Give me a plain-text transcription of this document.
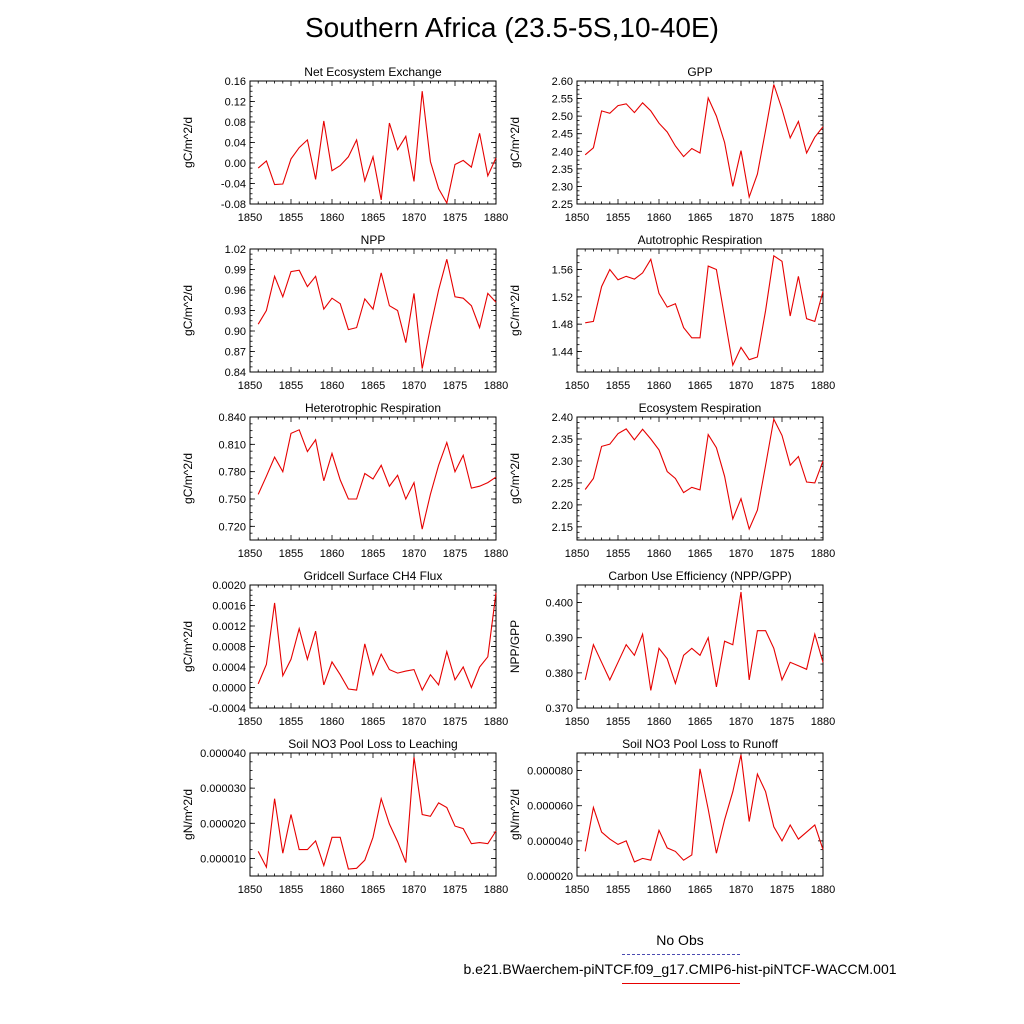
Southern Africa (23.5-5S,10-40E)
Net Ecosystem Exchange
gC/m^2/d
1850 1855 1860 1865 1870 1875 1880
-0.08
-0.04
0.00
0.04
0.08
0.12
0.16
GPP
gC/m^2/d
1850 1855 1860 1865 1870 1875 1880
2.25
2.30
2.35
2.40
2.45
2.50
2.55
2.60
NPP
gC/m^2/d
1850 1855 1860 1865 1870 1875 1880
0.84
0.87
0.90
0.93
0.96
0.99
1.02
Autotrophic Respiration
gC/m^2/d
1850 1855 1860 1865 1870 1875 1880
1.44
1.48
1.52
1.56
Heterotrophic Respiration
gC/m^2/d
1850 1855 1860 1865 1870 1875 1880
0.720
0.750
0.780
0.810
0.840
Ecosystem Respiration
gC/m^2/d
1850 1855 1860 1865 1870 1875 1880
2.15
2.20
2.25
2.30
2.35
2.40
Gridcell Surface CH4 Flux
gC/m^2/d
1850 1855 1860 1865 1870 1875 1880
-0.0004
0.0000
0.0004
0.0008
0.0012
0.0016
0.0020
Carbon Use Efficiency (NPP/GPP)
NPP/GPP
1850 1855 1860 1865 1870 1875 1880
0.370
0.380
0.390
0.400
Soil NO3 Pool Loss to Leaching
gN/m^2/d
1850 1855 1860 1865 1870 1875 1880
0.000010
0.000020
0.000030
0.000040
Soil NO3 Pool Loss to Runoff
gN/m^2/d
1850 1855 1860 1865 1870 1875 1880
0.000020
0.000040
0.000060
0.000080
No Obs
b.e21.BWaerchem-piNTCF.f09_g17.CMIP6-hist-piNTCF-WACCM.001
